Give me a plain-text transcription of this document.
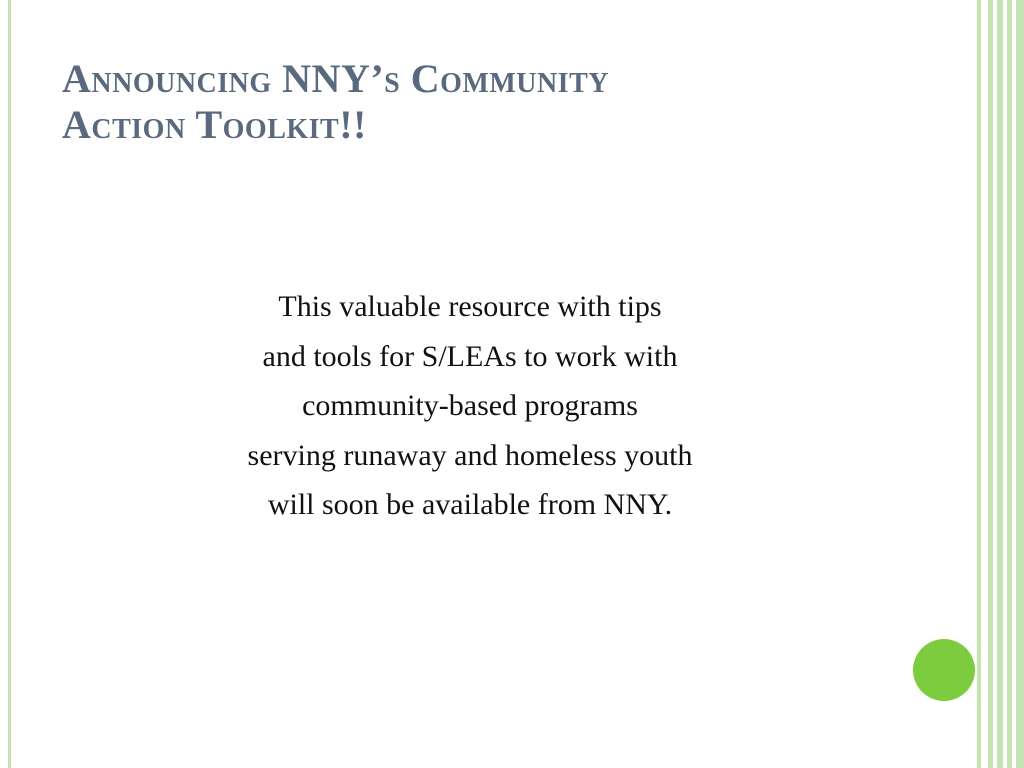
Announcing NNY’s Community
Action Toolkit!!
This valuable resource with tips
and tools for S/LEAs to work with
community-based programs
serving runaway and homeless youth
will soon be available from NNY.
